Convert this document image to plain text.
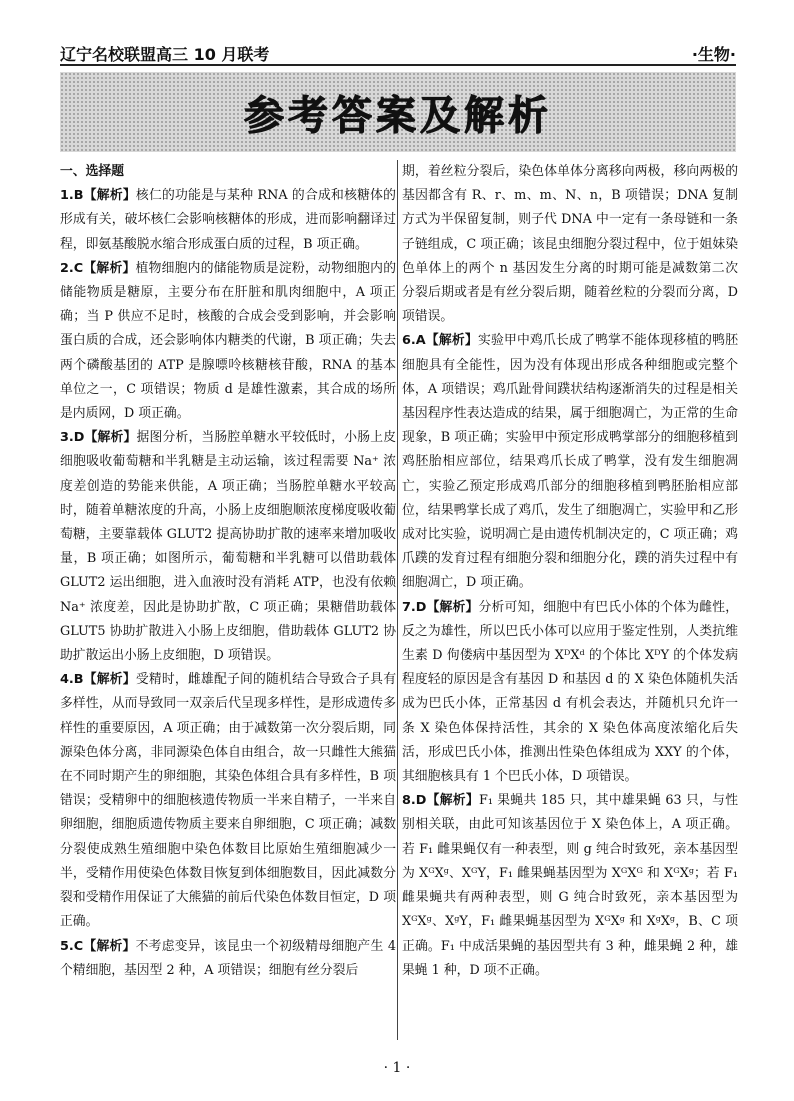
辽宁名校联盟高三 10 月联考	·生物·
参考答案及解析

一、选择题

1.B【解析】核仁的功能是与某种 RNA 的合成和核糖体的形成有关，破坏核仁会影响核糖体的形成，进而影响翻译过程，即氨基酸脱水缩合形成蛋白质的过程，B 项正确。

2.C【解析】植物细胞内的储能物质是淀粉，动物细胞内的储能物质是糖原，主要分布在肝脏和肌肉细胞中，A 项正确；当 P 供应不足时，核酸的合成会受到影响，并会影响蛋白质的合成，还会影响体内糖类的代谢，B 项正确；失去两个磷酸基团的 ATP 是腺嘌呤核糖核苷酸，RNA 的基本单位之一，C 项错误；物质 d 是雄性激素，其合成的场所是内质网，D 项正确。

3.D【解析】据图分析，当肠腔单糖水平较低时，小肠上皮细胞吸收葡萄糖和半乳糖是主动运输，该过程需要 Na⁺ 浓度差创造的势能来供能，A 项正确；当肠腔单糖水平较高时，随着单糖浓度的升高，小肠上皮细胞顺浓度梯度吸收葡萄糖，主要靠载体 GLUT2 提高协助扩散的速率来增加吸收量，B 项正确；如图所示，葡萄糖和半乳糖可以借助载体 GLUT2 运出细胞，进入血液时没有消耗 ATP，也没有依赖 Na⁺ 浓度差，因此是协助扩散，C 项正确；果糖借助载体 GLUT5 协助扩散进入小肠上皮细胞，借助载体 GLUT2 协助扩散运出小肠上皮细胞，D 项错误。

4.B【解析】受精时，雌雄配子间的随机结合导致合子具有多样性，从而导致同一双亲后代呈现多样性，是形成遗传多样性的重要原因，A 项正确；由于减数第一次分裂后期，同源染色体分离，非同源染色体自由组合，故一只雌性大熊猫在不同时期产生的卵细胞，其染色体组合具有多样性，B 项错误；受精卵中的细胞核遗传物质一半来自精子，一半来自卵细胞，细胞质遗传物质主要来自卵细胞，C 项正确；减数分裂使成熟生殖细胞中染色体数目比原始生殖细胞减少一半，受精作用使染色体数目恢复到体细胞数目，因此减数分裂和受精作用保证了大熊猫的前后代染色体数目恒定，D 项正确。

5.C【解析】不考虑变异，该昆虫一个初级精母细胞产生 4 个精细胞，基因型 2 种，A 项错误；细胞有丝分裂后

期，着丝粒分裂后，染色体单体分离移向两极，移向两极的基因都含有 R、r、m、m、N、n，B 项错误；DNA 复制方式为半保留复制，则子代 DNA 中一定有一条母链和一条子链组成，C 项正确；该昆虫细胞分裂过程中，位于姐妹染色单体上的两个 n 基因发生分离的时期可能是减数第二次分裂后期或者是有丝分裂后期，随着丝粒的分裂而分离，D 项错误。

6.A【解析】实验甲中鸡爪长成了鸭掌不能体现移植的鸭胚细胞具有全能性，因为没有体现出形成各种细胞或完整个体，A 项错误；鸡爪趾骨间蹼状结构逐渐消失的过程是相关基因程序性表达造成的结果，属于细胞凋亡，为正常的生命现象，B 项正确；实验甲中预定形成鸭掌部分的细胞移植到鸡胚胎相应部位，结果鸡爪长成了鸭掌，没有发生细胞凋亡，实验乙预定形成鸡爪部分的细胞移植到鸭胚胎相应部位，结果鸭掌长成了鸡爪，发生了细胞凋亡，实验甲和乙形成对比实验，说明凋亡是由遗传机制决定的，C 项正确；鸡爪蹼的发育过程有细胞分裂和细胞分化，蹼的消失过程中有细胞凋亡，D 项正确。

7.D【解析】分析可知，细胞中有巴氏小体的个体为雌性，反之为雄性，所以巴氏小体可以应用于鉴定性别，人类抗维生素 D 佝偻病中基因型为 XᴰXᵈ 的个体比 XᴰY 的个体发病程度轻的原因是含有基因 D 和基因 d 的 X 染色体随机失活成为巴氏小体，正常基因 d 有机会表达，并随机只允许一条 X 染色体保持活性，其余的 X 染色体高度浓缩化后失活，形成巴氏小体，推测出性染色体组成为 XXY 的个体，其细胞核具有 1 个巴氏小体，D 项错误。

8.D【解析】F₁ 果蝇共 185 只，其中雄果蝇 63 只，与性别相关联，由此可知该基因位于 X 染色体上，A 项正确。若 F₁ 雌果蝇仅有一种表型，则 g 纯合时致死，亲本基因型为 XᴳXᵍ、XᴳY，F₁ 雌果蝇基因型为 XᴳXᴳ 和 XᴳXᵍ；若 F₁ 雌果蝇共有两种表型，则 G 纯合时致死，亲本基因型为 XᴳXᵍ、XᵍY，F₁ 雌果蝇基因型为 XᴳXᵍ 和 XᵍXᵍ，B、C 项正确。F₁ 中成活果蝇的基因型共有 3 种，雌果蝇 2 种，雄果蝇 1 种，D 项不正确。

· 1 ·
